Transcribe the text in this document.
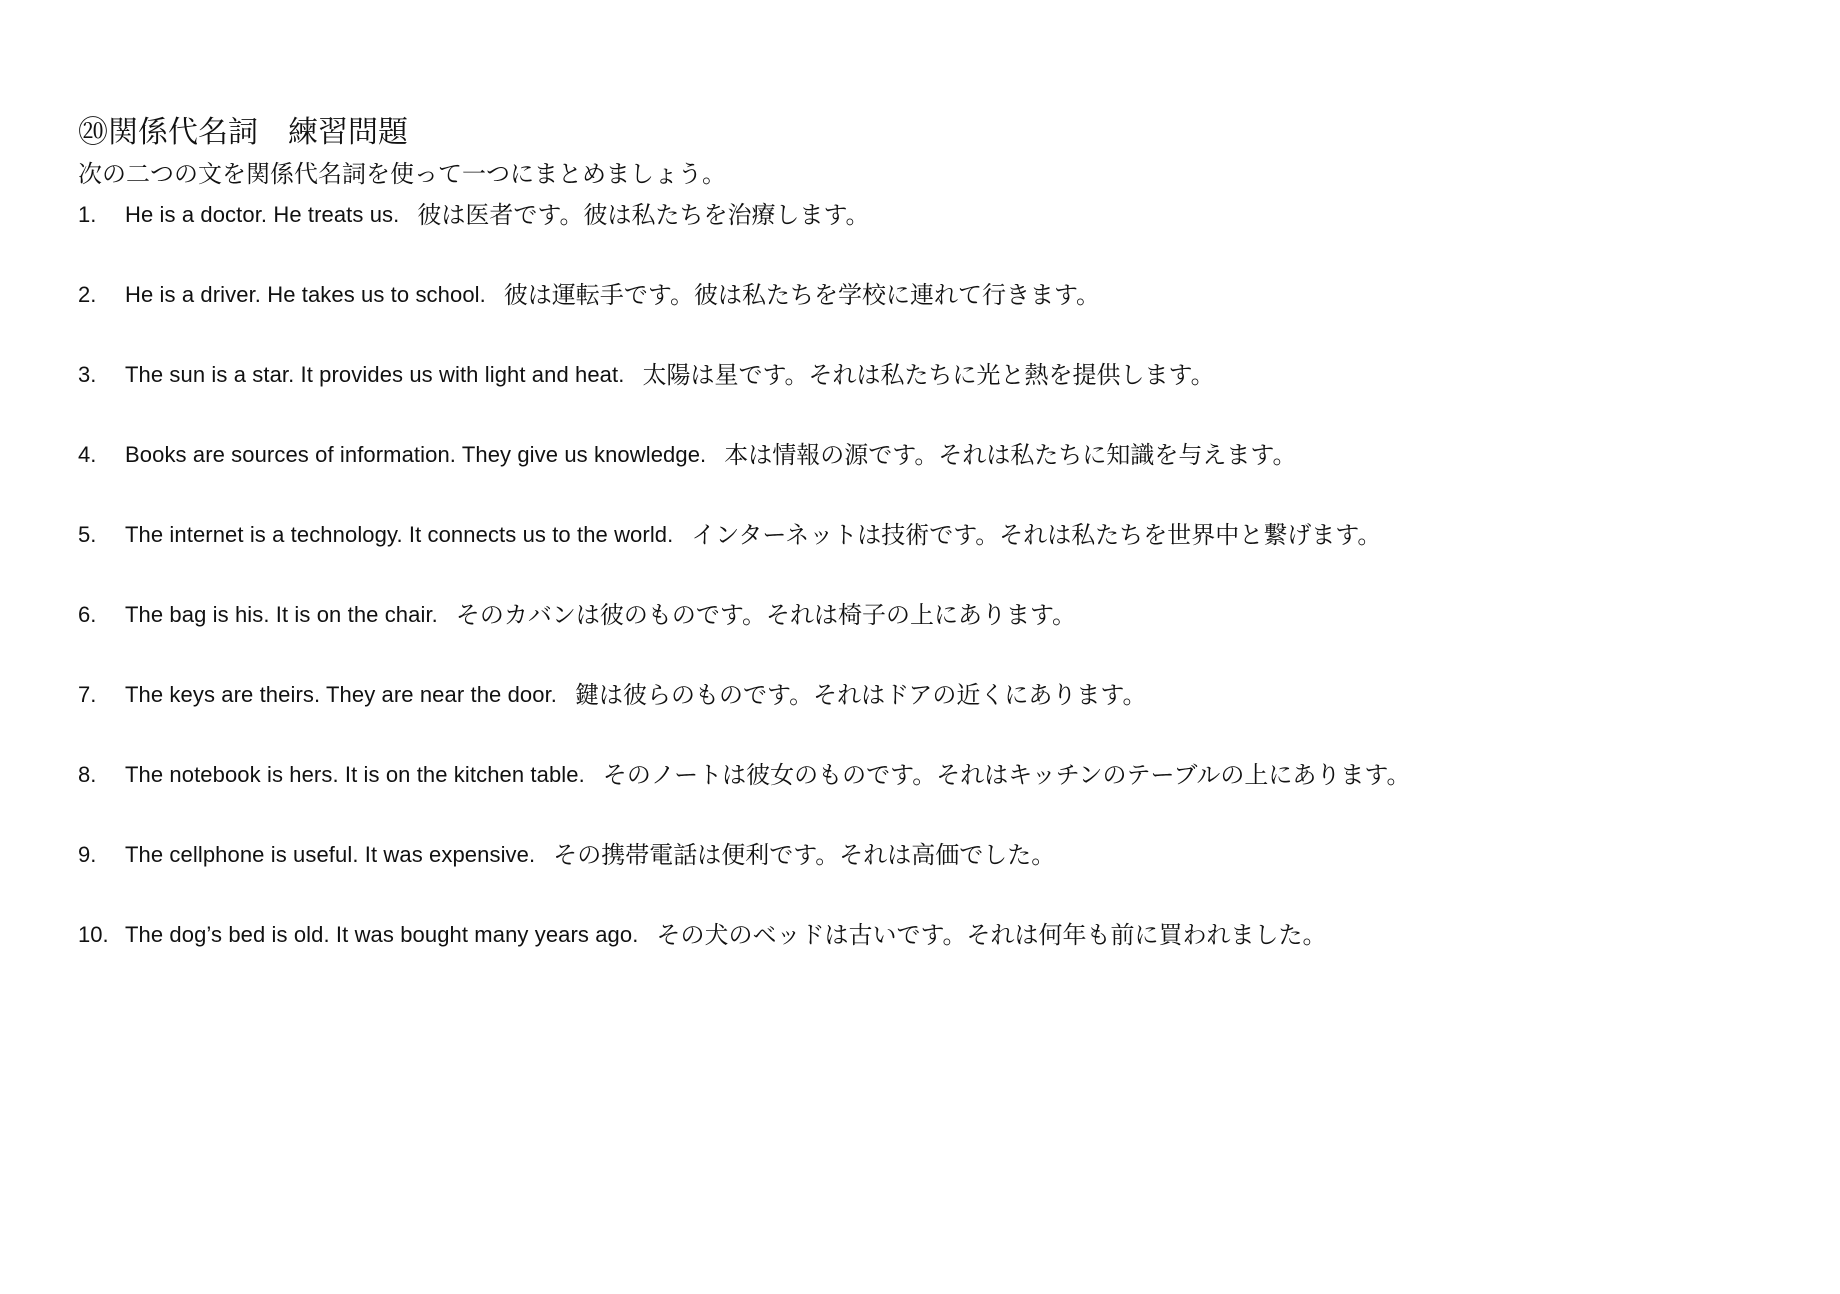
⑳関係代名詞　練習問題
次の二つの文を関係代名詞を使って一つにまとめましょう。
1.	He is a doctor. He treats us. 彼は医者です。彼は私たちを治療します。
2.	He is a driver. He takes us to school. 彼は運転手です。彼は私たちを学校に連れて行きます。
3.	The sun is a star. It provides us with light and heat. 太陽は星です。それは私たちに光と熱を提供します。
4.	Books are sources of information. They give us knowledge. 本は情報の源です。それは私たちに知識を与えます。
5.	The internet is a technology. It connects us to the world. インターネットは技術です。それは私たちを世界中と繋げます。
6.	The bag is his. It is on the chair. そのカバンは彼のものです。それは椅子の上にあります。
7.	The keys are theirs. They are near the door. 鍵は彼らのものです。それはドアの近くにあります。
8.	The notebook is hers. It is on the kitchen table. そのノートは彼女のものです。それはキッチンのテーブルの上にあります。
9.	The cellphone is useful. It was expensive. その携帯電話は便利です。それは高価でした。
10. The dog’s bed is old. It was bought many years ago. その犬のベッドは古いです。それは何年も前に買われました。
